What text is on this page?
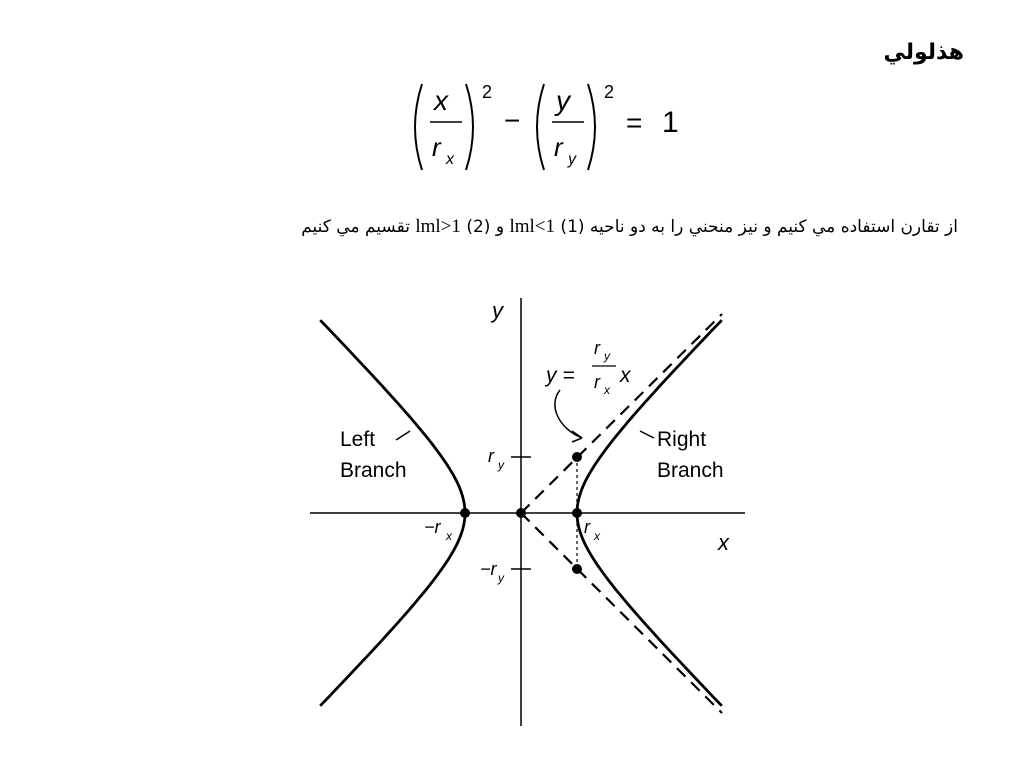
هذلولي
x
r x
2
−
y
r y
2
= 1
از تقارن استفاده مي كنيم و نيز منحني را به دو ناحيه (1) lml<1 و (2) lml>1 تقسيم مي كنيم
y
x
y =
r y
r x
x
Left
Branch
Right
Branch
r y
−r y
r x
−r x
